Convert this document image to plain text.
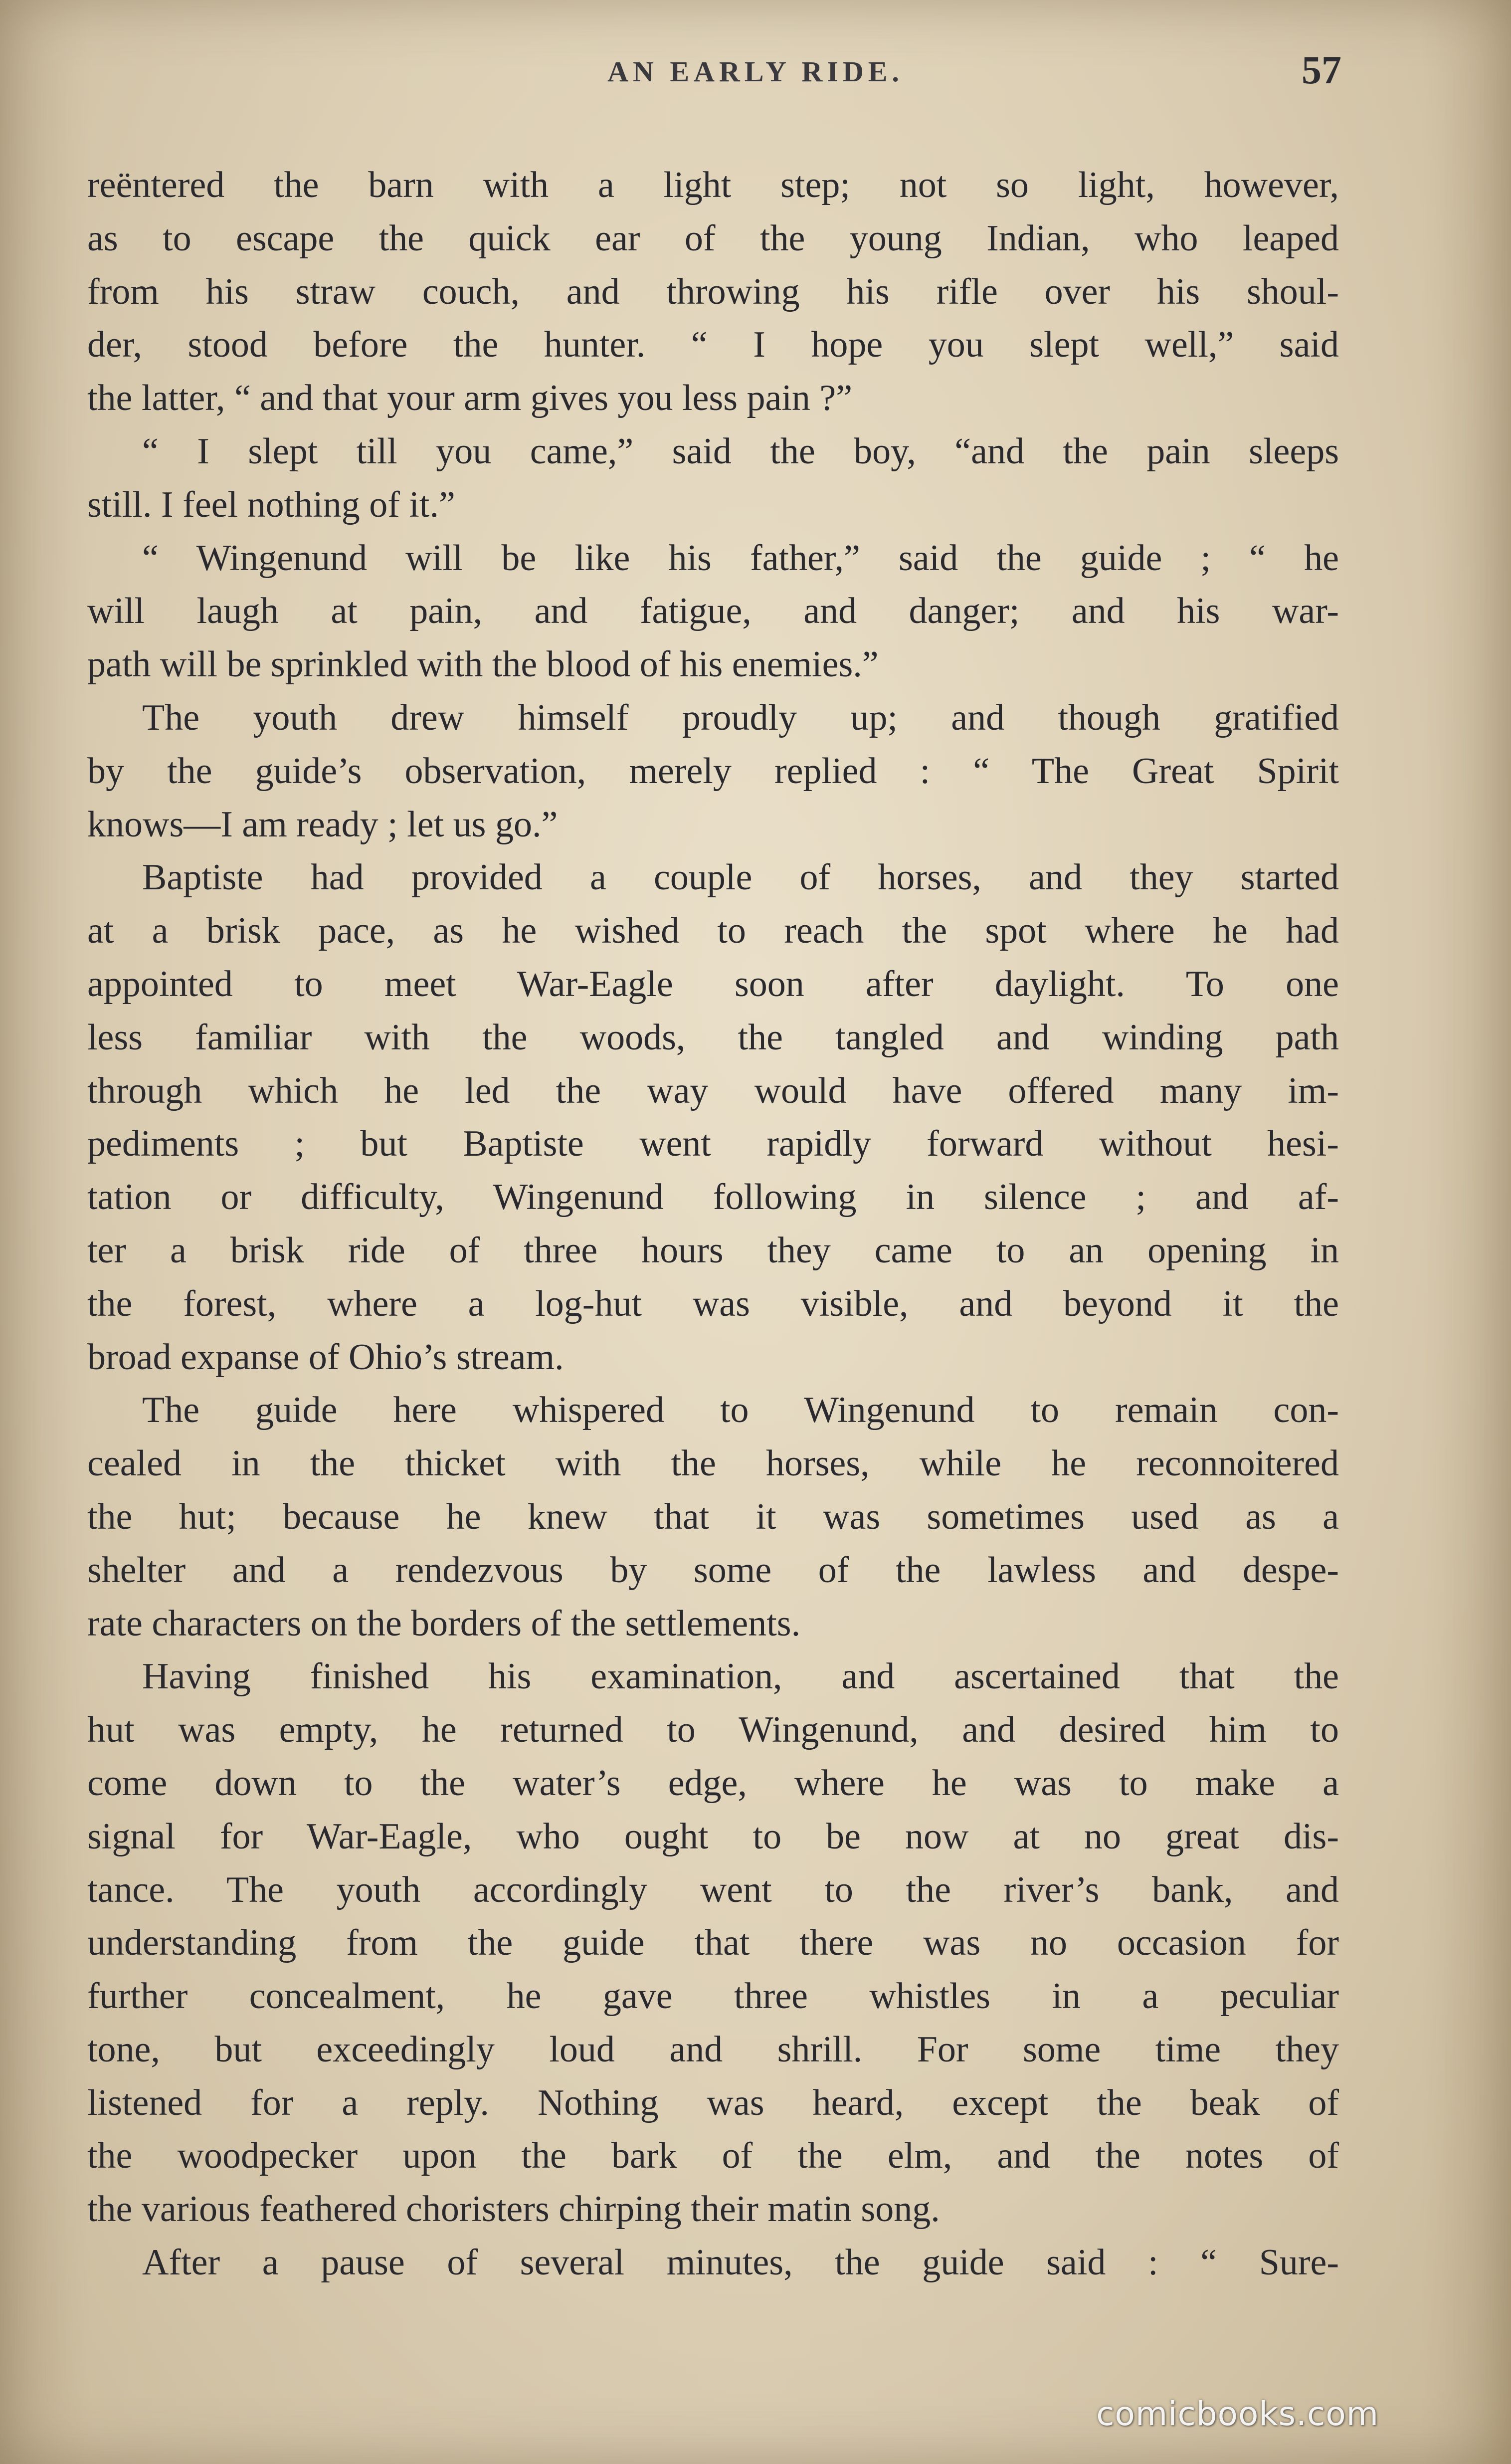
AN EARLY RIDE.	57
reëntered the barn with a light step; not so light, however,
as to escape the quick ear of the young Indian, who leaped
from his straw couch, and throwing his rifle over his shoul-
der, stood before the hunter. “ I hope you slept well,” said
the latter, “ and that your arm gives you less pain ?”
“ I slept till you came,” said the boy, “and the pain sleeps
still. I feel nothing of it.”
“ Wingenund will be like his father,” said the guide ; “ he
will laugh at pain, and fatigue, and danger; and his war-
path will be sprinkled with the blood of his enemies.”
The youth drew himself proudly up; and though gratified
by the guide’s observation, merely replied : “ The Great Spirit
knows—I am ready ; let us go.”
Baptiste had provided a couple of horses, and they started
at a brisk pace, as he wished to reach the spot where he had
appointed to meet War-Eagle soon after daylight. To one
less familiar with the woods, the tangled and winding path
through which he led the way would have offered many im-
pediments ; but Baptiste went rapidly forward without hesi-
tation or difficulty, Wingenund following in silence ; and af-
ter a brisk ride of three hours they came to an opening in
the forest, where a log-hut was visible, and beyond it the
broad expanse of Ohio’s stream.
The guide here whispered to Wingenund to remain con-
cealed in the thicket with the horses, while he reconnoitered
the hut; because he knew that it was sometimes used as a
shelter and a rendezvous by some of the lawless and despe-
rate characters on the borders of the settlements.
Having finished his examination, and ascertained that the
hut was empty, he returned to Wingenund, and desired him to
come down to the water’s edge, where he was to make a
signal for War-Eagle, who ought to be now at no great dis-
tance. The youth accordingly went to the river’s bank, and
understanding from the guide that there was no occasion for
further concealment, he gave three whistles in a peculiar
tone, but exceedingly loud and shrill. For some time they
listened for a reply. Nothing was heard, except the beak of
the woodpecker upon the bark of the elm, and the notes of
the various feathered choristers chirping their matin song.
After a pause of several minutes, the guide said : “ Sure-
comicbooks.com
